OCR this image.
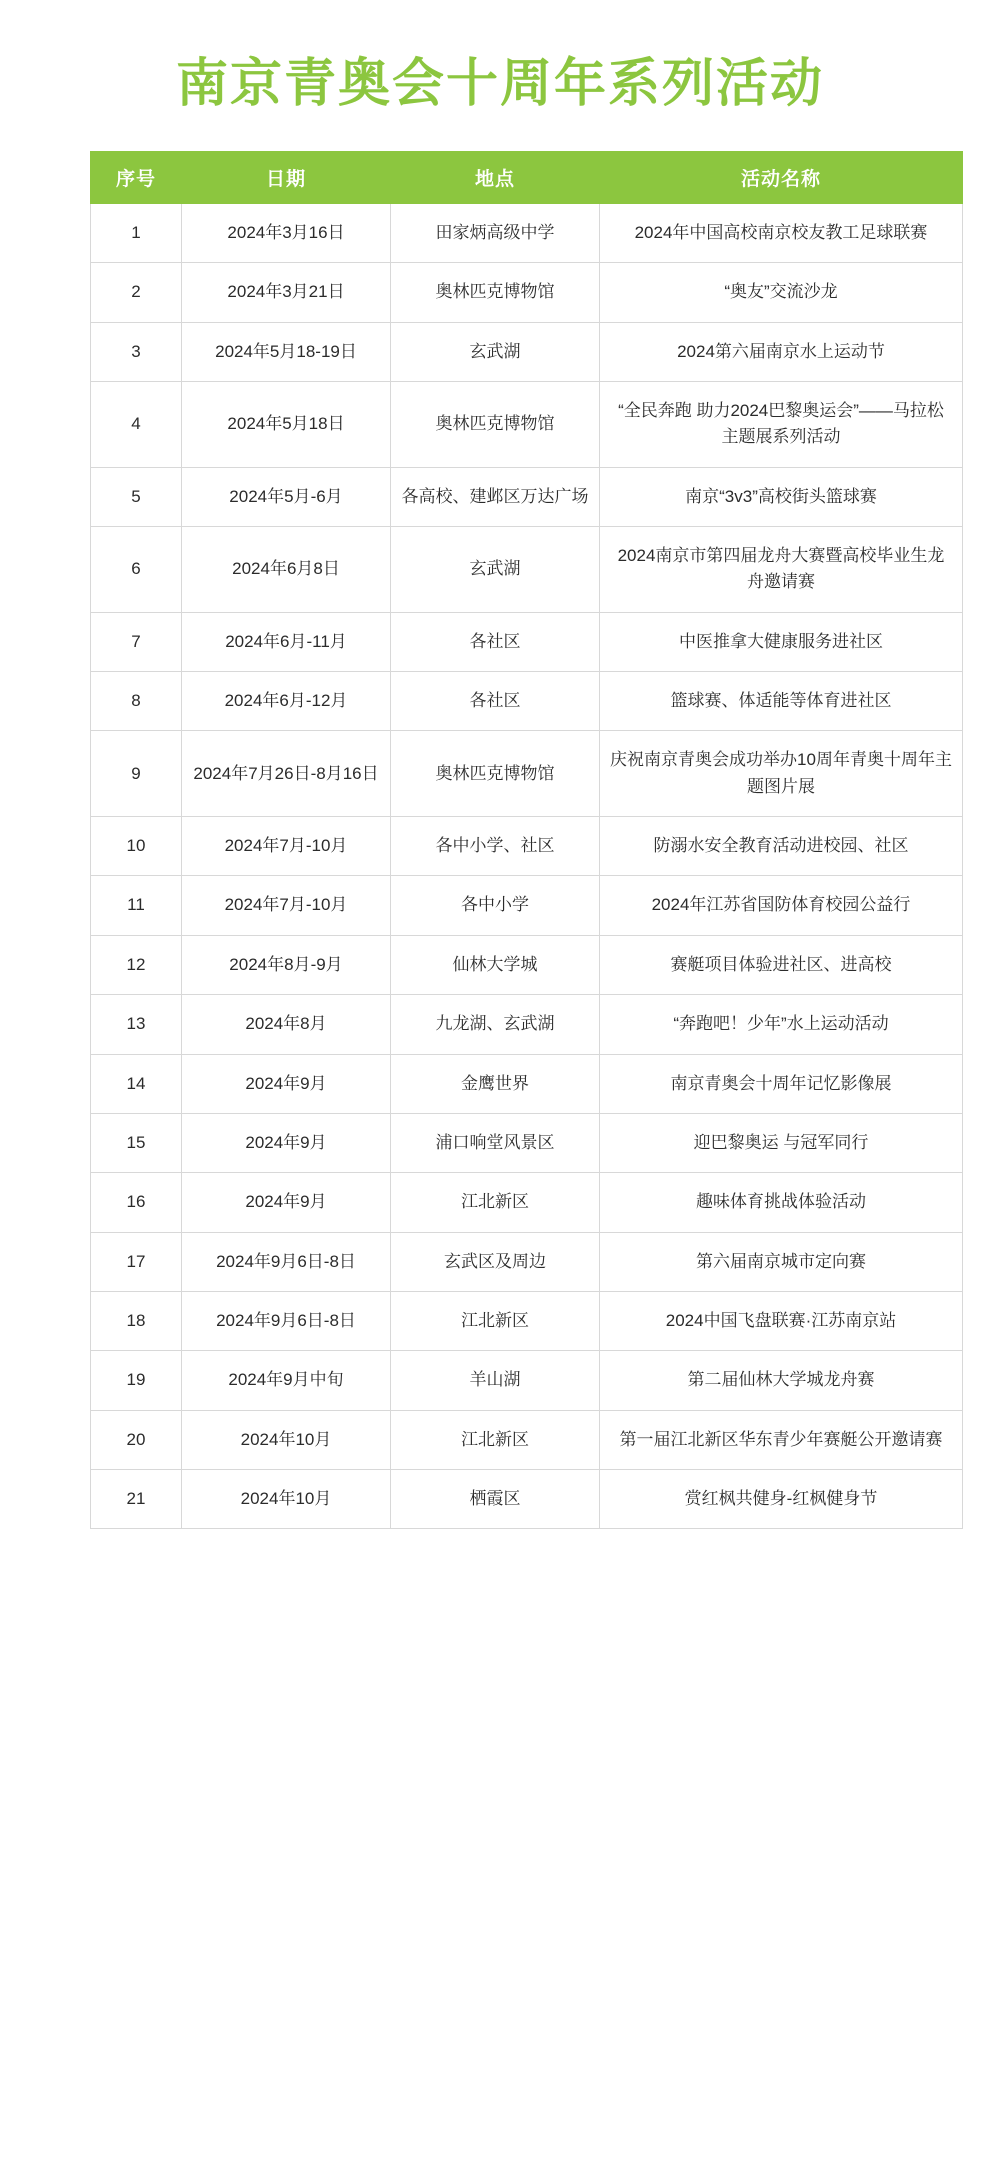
南京青奥会十周年系列活动
序号	日期	地点	活动名称

1	2024年3月16日	田家炳高级中学	2024年中国高校南京校友教工足球联赛

2	2024年3月21日	奥林匹克博物馆	“奥友”交流沙龙

3	2024年5月18-19日	玄武湖	2024第六届南京水上运动节

4	2024年5月18日	奥林匹克博物馆	“全民奔跑 助力2024巴黎奥运会”——马拉松主题展系列活动

5	2024年5月-6月	各高校、建邺区万达广场	南京“3v3”高校街头篮球赛

6	2024年6月8日	玄武湖	2024南京市第四届龙舟大赛暨高校毕业生龙舟邀请赛

7	2024年6月-11月	各社区	中医推拿大健康服务进社区

8	2024年6月-12月	各社区	篮球赛、体适能等体育进社区

9	2024年7月26日-8月16日	奥林匹克博物馆	庆祝南京青奥会成功举办10周年青奥十周年主题图片展

10	2024年7月-10月	各中小学、社区	防溺水安全教育活动进校园、社区

11	2024年7月-10月	各中小学	2024年江苏省国防体育校园公益行

12	2024年8月-9月	仙林大学城	赛艇项目体验进社区、进高校

13	2024年8月	九龙湖、玄武湖	“奔跑吧！少年”水上运动活动

14	2024年9月	金鹰世界	南京青奥会十周年记忆影像展

15	2024年9月	浦口响堂风景区	迎巴黎奥运 与冠军同行

16	2024年9月	江北新区	趣味体育挑战体验活动

17	2024年9月6日-8日	玄武区及周边	第六届南京城市定向赛

18	2024年9月6日-8日	江北新区	2024中国飞盘联赛·江苏南京站

19	2024年9月中旬	羊山湖	第二届仙林大学城龙舟赛

20	2024年10月	江北新区	第一届江北新区华东青少年赛艇公开邀请赛

21	2024年10月	栖霞区	赏红枫共健身-红枫健身节
